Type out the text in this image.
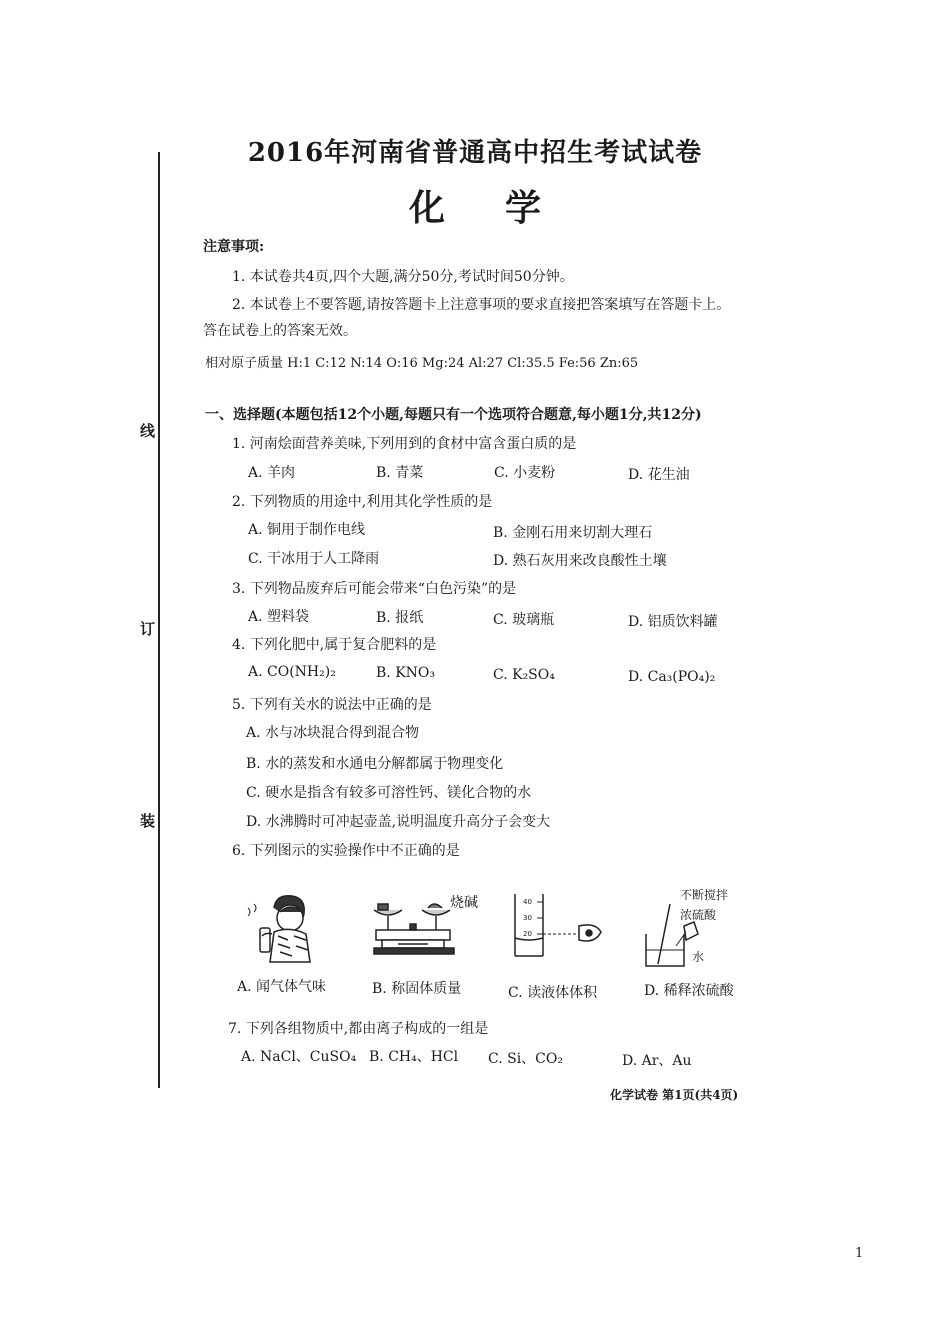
线
订
装
2016年河南省普通高中招生考试试卷
化学
注意事项:
1. 本试卷共4页,四个大题,满分50分,考试时间50分钟。
2. 本试卷上不要答题,请按答题卡上注意事项的要求直接把答案填写在答题卡上。
答在试卷上的答案无效。
相对原子质量 H:1 C:12 N:14 O:16 Mg:24 Al:27 Cl:35.5 Fe:56 Zn:65
一、选择题(本题包括12个小题,每题只有一个选项符合题意,每小题1分,共12分)
1. 河南烩面营养美味,下列用到的食材中富含蛋白质的是
A. 羊肉	B. 青菜	C. 小麦粉	D. 花生油
2. 下列物质的用途中,利用其化学性质的是
A. 铜用于制作电线	B. 金刚石用来切割大理石
C. 干冰用于人工降雨	D. 熟石灰用来改良酸性土壤
3. 下列物品废弃后可能会带来“白色污染”的是
A. 塑料袋	B. 报纸	C. 玻璃瓶	D. 铝质饮料罐
4. 下列化肥中,属于复合肥料的是
A. CO(NH₂)₂	B. KNO₃	C. K₂SO₄	D. Ca₃(PO₄)₂
5. 下列有关水的说法中正确的是
A. 水与冰块混合得到混合物
B. 水的蒸发和水通电分解都属于物理变化
C. 硬水是指含有较多可溶性钙、镁化合物的水
D. 水沸腾时可冲起壶盖,说明温度升高分子会变大
6. 下列图示的实验操作中不正确的是
A. 闻气体气味
烧碱
B. 称固体质量
40
30
20
C. 读液体体积
不断搅拌
浓硫酸
水
D. 稀释浓硫酸
7. 下列各组物质中,都由离子构成的一组是
A. NaCl、CuSO₄ B. CH₄、HCl C. Si、CO₂	D. Ar、Au
化学试卷 第1页(共4页)
1
